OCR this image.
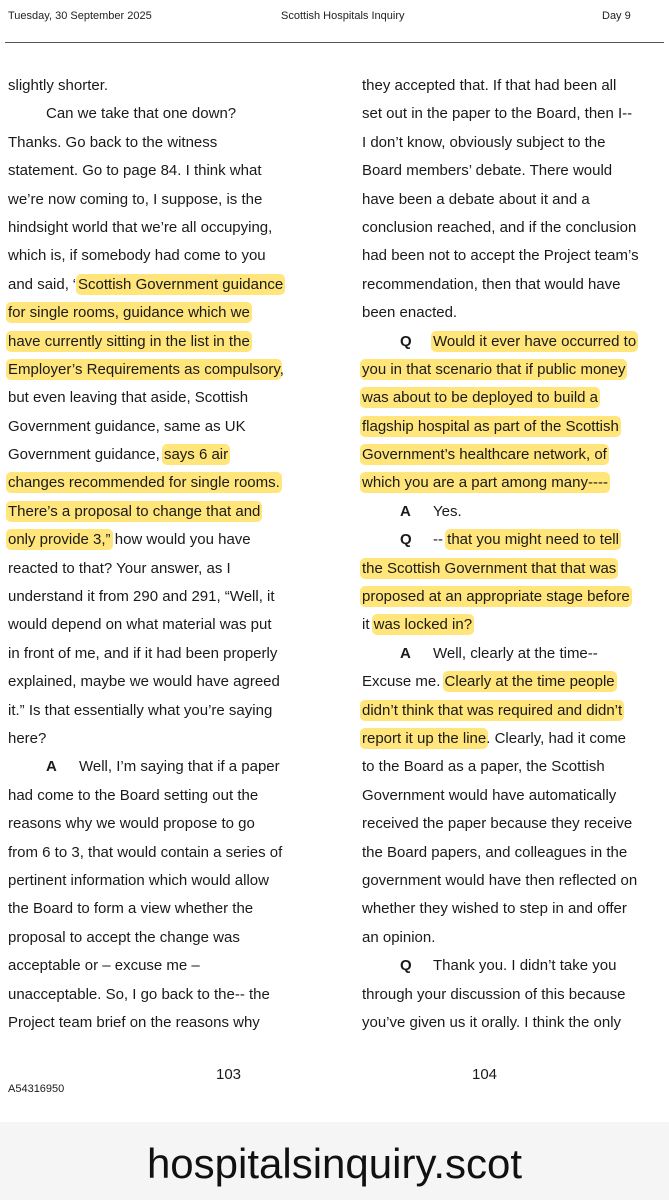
Tuesday, 30 September 2025	Scottish Hospitals Inquiry	Day 9
slightly shorter.
Can we take that one down?
Thanks. Go back to the witness
statement. Go to page 84. I think what
we’re now coming to, I suppose, is the
hindsight world that we’re all occupying,
which is, if somebody had come to you
and said, “Scottish Government guidance
for single rooms, guidance which we
have currently sitting in the list in the
Employer’s Requirements as compulsory,
but even leaving that aside, Scottish
Government guidance, same as UK
Government guidance, says 6 air
changes recommended for single rooms.
There’s a proposal to change that and
only provide 3,” how would you have
reacted to that? Your answer, as I
understand it from 290 and 291, “Well, it
would depend on what material was put
in front of me, and if it had been properly
explained, maybe we would have agreed
it.” Is that essentially what you’re saying
here?
A Well, I’m saying that if a paper
had come to the Board setting out the
reasons why we would propose to go
from 6 to 3, that would contain a series of
pertinent information which would allow
the Board to form a view whether the
proposal to accept the change was
acceptable or – excuse me –
unacceptable. So, I go back to the-- the
Project team brief on the reasons why
they accepted that. If that had been all
set out in the paper to the Board, then I--
I don’t know, obviously subject to the
Board members’ debate. There would
have been a debate about it and a
conclusion reached, and if the conclusion
had been not to accept the Project team’s
recommendation, then that would have
been enacted.
Q Would it ever have occurred to
you in that scenario that if public money
was about to be deployed to build a
flagship hospital as part of the Scottish
Government’s healthcare network, of
which you are a part among many----
A Yes.
Q -- that you might need to tell
the Scottish Government that that was
proposed at an appropriate stage before
it was locked in?
A Well, clearly at the time--
Excuse me. Clearly at the time people
didn’t think that was required and didn’t
report it up the line. Clearly, had it come
to the Board as a paper, the Scottish
Government would have automatically
received the paper because they receive
the Board papers, and colleagues in the
government would have then reflected on
whether they wished to step in and offer
an opinion.
Q Thank you. I didn’t take you
through your discussion of this because
you’ve given us it orally. I think the only
103	104
A54316950
hospitalsinquiry.scot
